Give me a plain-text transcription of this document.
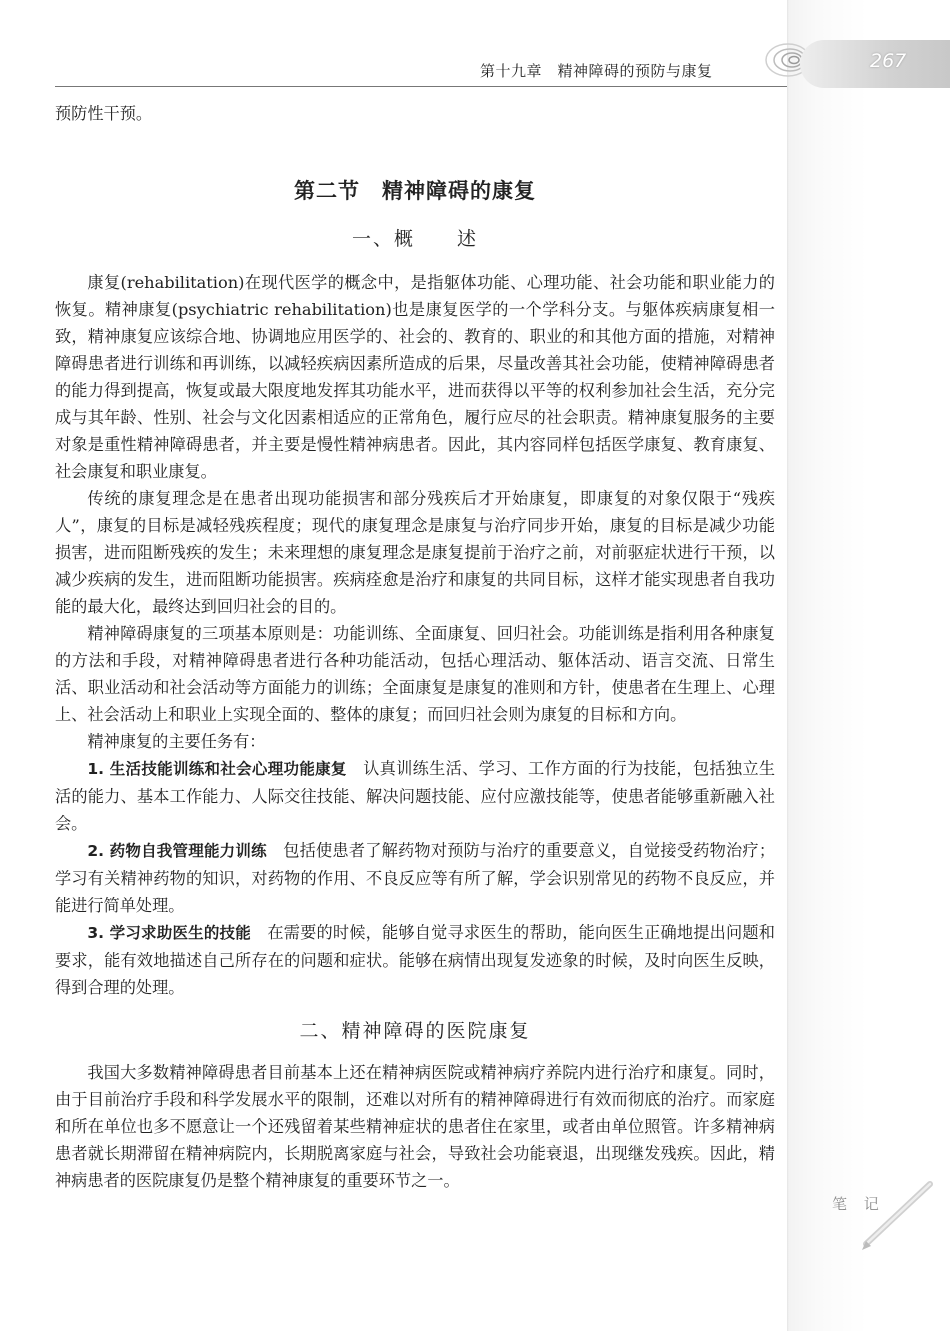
267
第十九章　精神障碍的预防与康复

预防性干预。

第二节　精神障碍的康复
一、概　　述

康复(rehabilitation)在现代医学的概念中，是指躯体功能、心理功能、社会功能和职业能力的恢复。精神康复(psychiatric rehabilitation)也是康复医学的一个学科分支。与躯体疾病康复相一致，精神康复应该综合地、协调地应用医学的、社会的、教育的、职业的和其他方面的措施，对精神障碍患者进行训练和再训练，以减轻疾病因素所造成的后果，尽量改善其社会功能，使精神障碍患者的能力得到提高，恢复或最大限度地发挥其功能水平，进而获得以平等的权利参加社会生活，充分完成与其年龄、性别、社会与文化因素相适应的正常角色，履行应尽的社会职责。精神康复服务的主要对象是重性精神障碍患者，并主要是慢性精神病患者。因此，其内容同样包括医学康复、教育康复、社会康复和职业康复。

传统的康复理念是在患者出现功能损害和部分残疾后才开始康复，即康复的对象仅限于“残疾人”，康复的目标是减轻残疾程度；现代的康复理念是康复与治疗同步开始，康复的目标是减少功能损害，进而阻断残疾的发生；未来理想的康复理念是康复提前于治疗之前，对前驱症状进行干预，以减少疾病的发生，进而阻断功能损害。疾病痊愈是治疗和康复的共同目标，这样才能实现患者自我功能的最大化，最终达到回归社会的目的。

精神障碍康复的三项基本原则是：功能训练、全面康复、回归社会。功能训练是指利用各种康复的方法和手段，对精神障碍患者进行各种功能活动，包括心理活动、躯体活动、语言交流、日常生活、职业活动和社会活动等方面能力的训练；全面康复是康复的准则和方针，使患者在生理上、心理上、社会活动上和职业上实现全面的、整体的康复；而回归社会则为康复的目标和方向。

精神康复的主要任务有：

1. 生活技能训练和社会心理功能康复　 认真训练生活、学习、工作方面的行为技能，包括独立生活的能力、基本工作能力、人际交往技能、解决问题技能、应付应激技能等，使患者能够重新融入社会。

2. 药物自我管理能力训练　 包括使患者了解药物对预防与治疗的重要意义，自觉接受药物治疗；学习有关精神药物的知识，对药物的作用、不良反应等有所了解，学会识别常见的药物不良反应，并能进行简单处理。

3. 学习求助医生的技能　 在需要的时候，能够自觉寻求医生的帮助，能向医生正确地提出问题和要求，能有效地描述自己所存在的问题和症状。能够在病情出现复发迹象的时候，及时向医生反映，得到合理的处理。

二、精神障碍的医院康复

我国大多数精神障碍患者目前基本上还在精神病医院或精神病疗养院内进行治疗和康复。同时，由于目前治疗手段和科学发展水平的限制，还难以对所有的精神障碍进行有效而彻底的治疗。而家庭和所在单位也多不愿意让一个还残留着某些精神症状的患者住在家里，或者由单位照管。许多精神病患者就长期滞留在精神病院内，长期脱离家庭与社会，导致社会功能衰退，出现继发残疾。因此，精神病患者的医院康复仍是整个精神康复的重要环节之一。

笔 记
